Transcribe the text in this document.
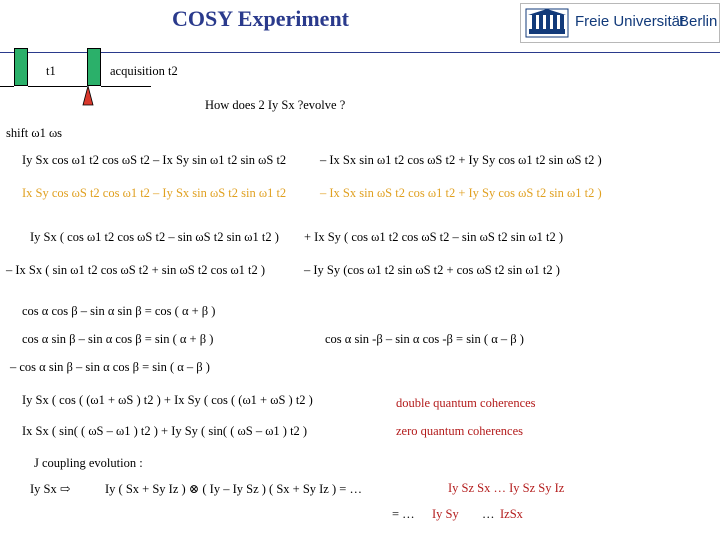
COSY Experiment	Freie Universität
Berlin
t1	acquisition t2
How does 2 Iy Sx ?evolve ?
shift ω1 ωs
Iy Sx cos ω1 t2 cos ωS t2 – Ix Sy sin ω1 t2 sin ωS t2	– Ix Sx sin ω1 t2 cos ωS t2 + Iy Sy cos ω1 t2 sin ωS t2 )
Ix Sy cos ωS t2 cos ω1 t2 – Iy Sx sin ωS t2 sin ω1 t2	– Ix Sx sin ωS t2 cos ω1 t2 + Iy Sy cos ωS t2 sin ω1 t2 )
Iy Sx ( cos ω1 t2 cos ωS t2 – sin ωS t2 sin ω1 t2 ) + Ix Sy ( cos ω1 t2 cos ωS t2 – sin ωS t2 sin ω1 t2 )
– Ix Sx ( sin ω1 t2 cos ωS t2 + sin ωS t2 cos ω1 t2 )	– Iy Sy (cos ω1 t2 sin ωS t2 + cos ωS t2 sin ω1 t2 )
cos α cos β – sin α sin β = cos ( α + β )
cos α sin β – sin α cos β = sin ( α + β )	cos α sin -β – sin α cos -β = sin ( α – β )
– cos α sin β – sin α cos β = sin ( α – β )
Iy Sx ( cos ( (ω1 + ωS ) t2 ) + Ix Sy ( cos ( (ω1 + ωS ) t2 )	double quantum coherences
Ix Sx ( sin( ( ωS – ω1 ) t2 ) + Iy Sy ( sin( ( ωS – ω1 ) t2 )	zero quantum coherences
J coupling evolution :
Iy Sx ⇨	Iy ( Sx + Sy Iz ) ⊗ ( Iy – Iy Sz ) ( Sx + Sy Iz ) = …	Iy Sz Sx … Iy Sz Sy Iz
= … Iy Sy … IzSx
